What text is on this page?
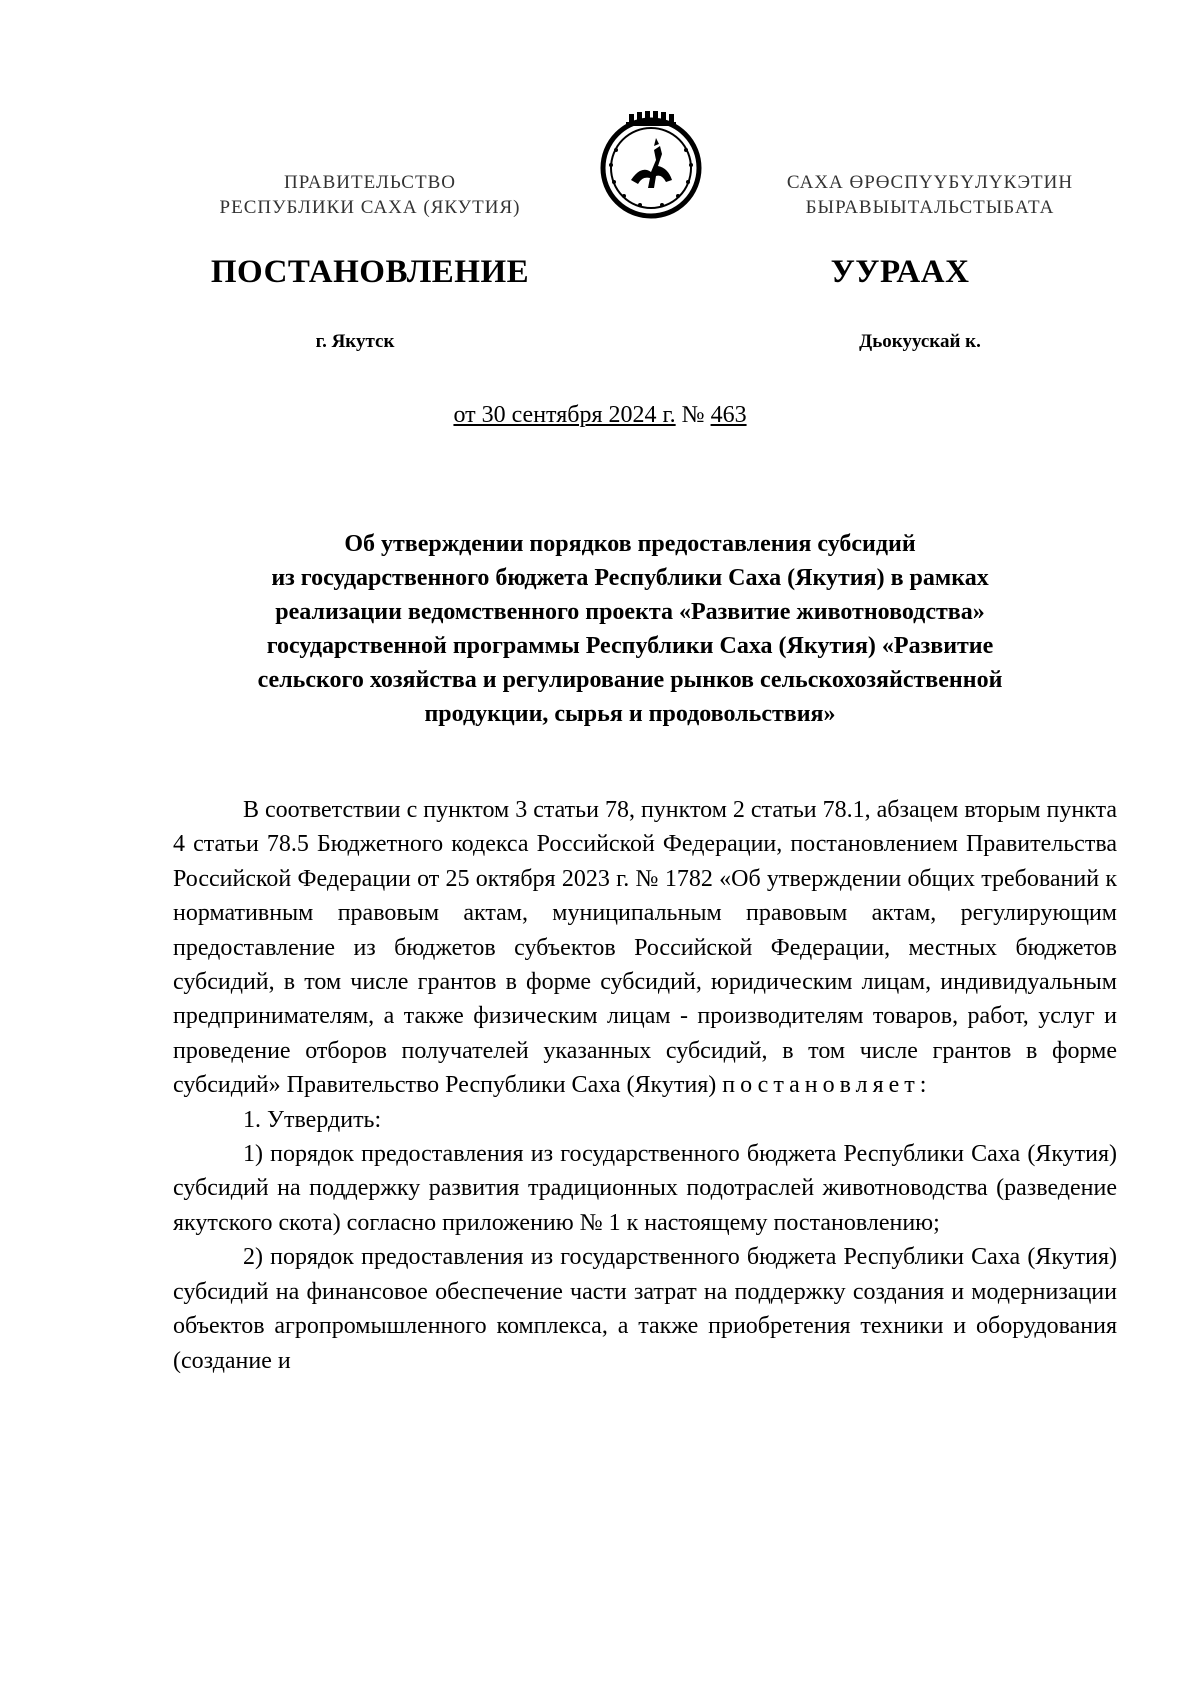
ПРАВИТЕЛЬСТВО
РЕСПУБЛИКИ САХА (ЯКУТИЯ)
САХА ӨРӨСПҮҮБҮЛҮКЭТИН
БЫРАВЫЫТАЛЬСТЫБАТА
ПОСТАНОВЛЕНИЕ	УУРААХ
г. Якутск	Дьокуускай к.
от 30 сентября 2024 г. № 463
Об утверждении порядков предоставления субсидий
из государственного бюджета Республики Саха (Якутия) в рамках
реализации ведомственного проекта «Развитие животноводства»
государственной программы Республики Саха (Якутия) «Развитие
сельского хозяйства и регулирование рынков сельскохозяйственной
продукции, сырья и продовольствия»

В соответствии с пунктом 3 статьи 78, пунктом 2 статьи 78.1, абзацем вторым пункта 4 статьи 78.5 Бюджетного кодекса Российской Федерации, постановлением Правительства Российской Федерации от 25 октября 2023 г. № 1782 «Об утверждении общих требований к нормативным правовым актам, муниципальным правовым актам, регулирующим предоставление из бюджетов субъектов Российской Федерации, местных бюджетов субсидий, в том числе грантов в форме субсидий, юридическим лицам, индивидуальным предпринимателям, а также физическим лицам - производителям товаров, работ, услуг и проведение отборов получателей указанных субсидий, в том числе грантов в форме субсидий» Правительство Республики Саха (Якутия) постановляет:

1. Утвердить:

1) порядок предоставления из государственного бюджета Республики Саха (Якутия) субсидий на поддержку развития традиционных подотраслей животноводства (разведение якутского скота) согласно приложению № 1 к настоящему постановлению;

2) порядок предоставления из государственного бюджета Республики Саха (Якутия) субсидий на финансовое обеспечение части затрат на поддержку создания и модернизации объектов агропромышленного комплекса, а также приобретения техники и оборудования (создание и
